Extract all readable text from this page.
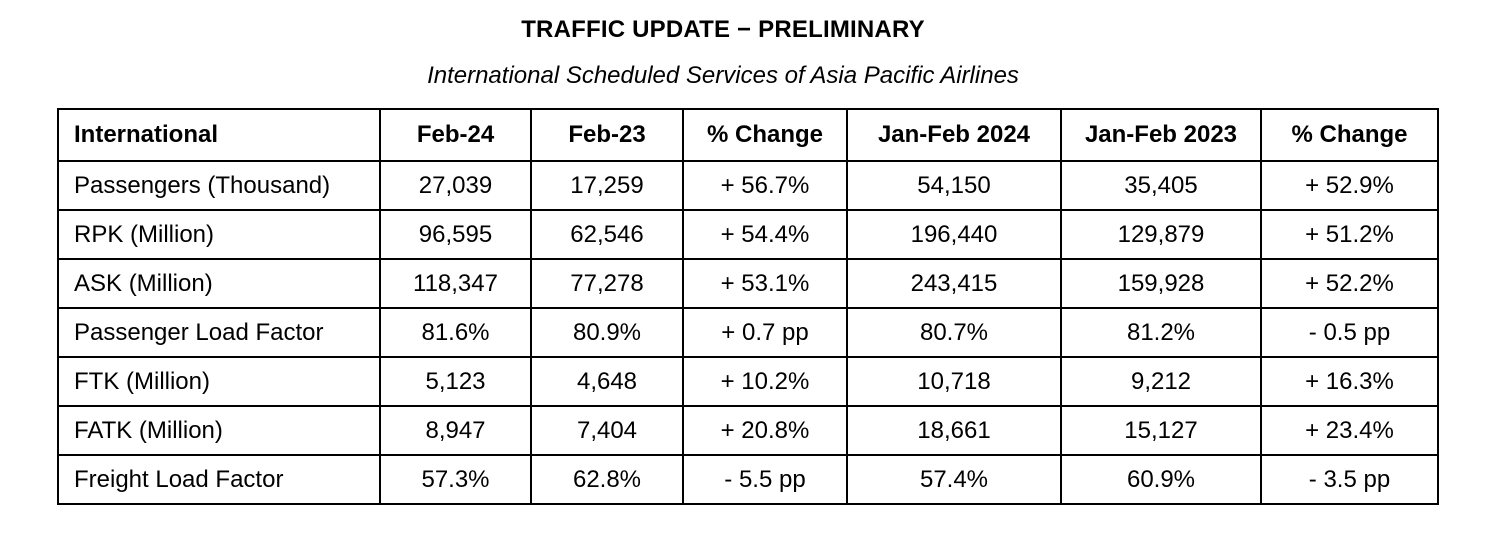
TRAFFIC UPDATE − PRELIMINARY
International Scheduled Services of Asia Pacific Airlines
International	Feb-24	Feb-23	% Change	Jan-Feb 2024	Jan-Feb 2023	% Change
Passengers (Thousand)	27,039	17,259	+ 56.7%	54,150	35,405	+ 52.9%
RPK (Million)	96,595	62,546	+ 54.4%	196,440	129,879	+ 51.2%
ASK (Million)	118,347	77,278	+ 53.1%	243,415	159,928	+ 52.2%
Passenger Load Factor	81.6%	80.9%	+ 0.7 pp	80.7%	81.2%	- 0.5 pp
FTK (Million)	5,123	4,648	+ 10.2%	10,718	9,212	+ 16.3%
FATK (Million)	8,947	7,404	+ 20.8%	18,661	15,127	+ 23.4%
Freight Load Factor	57.3%	62.8%	- 5.5 pp	57.4%	60.9%	- 3.5 pp
